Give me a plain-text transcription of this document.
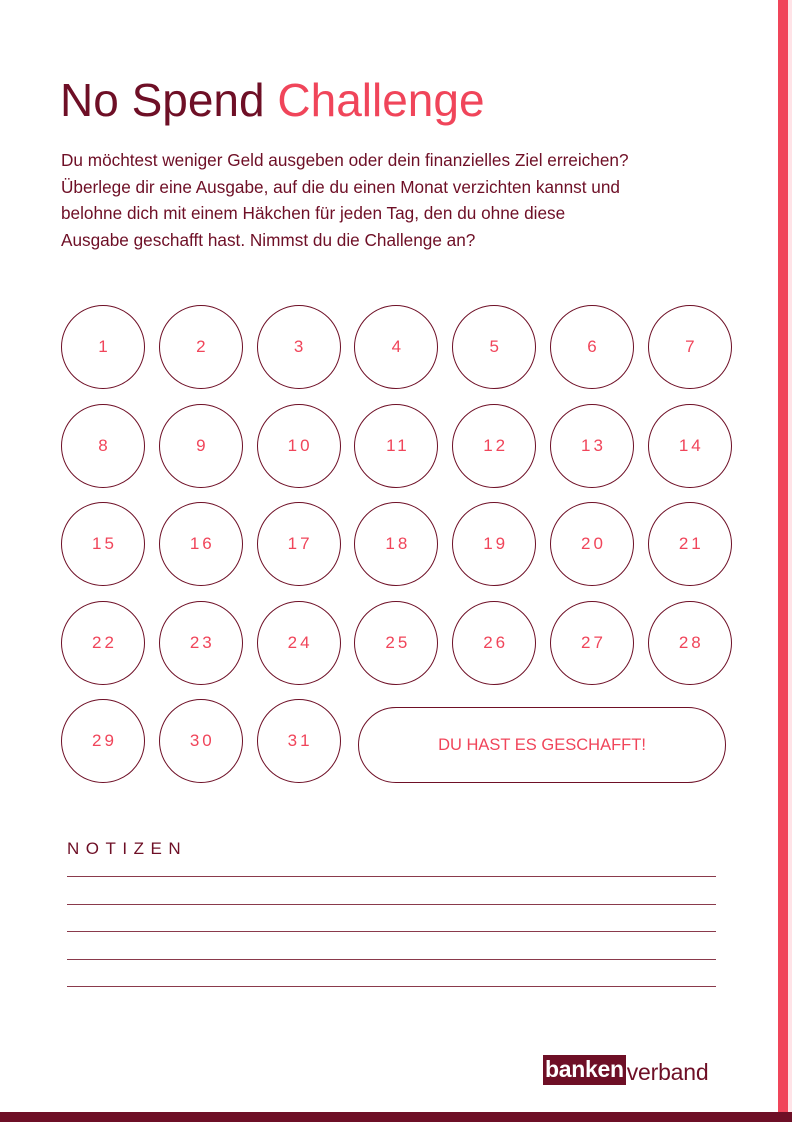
No Spend Challenge

Du möchtest weniger Geld ausgeben oder dein finanzielles Ziel erreichen?
Überlege dir eine Ausgabe, auf die du einen Monat verzichten kannst und
belohne dich mit einem Häkchen für jeden Tag, den du ohne diese
Ausgabe geschafft hast. Nimmst du die Challenge an?

1	2	3	4	5	6	7
8	9	10	11	12	13	14
15	16	17	18	19	20	21
22	23	24	25	26	27	28
29	30	31	DU HAST ES GESCHAFFT!
NOTIZEN
banken verband
